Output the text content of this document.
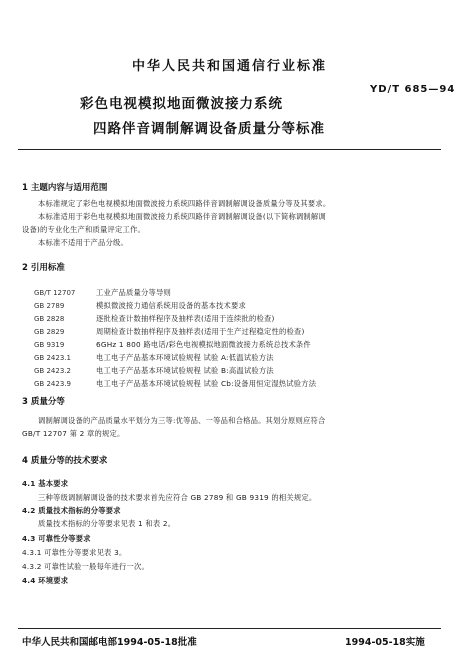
中华人民共和国通信行业标准
YD/T 685—94
彩色电视模拟地面微波接力系统
四路伴音调制解调设备质量分等标准
1 主题内容与适用范围
本标准规定了彩色电视模拟地面微波接力系统四路伴音调制解调设备质量分等及其要求。
本标准适用于彩色电视模拟地面微波接力系统四路伴音调制解调设备(以下简称调制解调
设备)的专业化生产和质量评定工作。
本标准不适用于产品分级。
2 引用标准
GB/T 12707	工业产品质量分等导则
GB 2789	模拟微波接力通信系统用设备的基本技术要求
GB 2828	逐批检查计数抽样程序及抽样表(适用于连续批的检查)
GB 2829	周期检查计数抽样程序及抽样表(适用于生产过程稳定性的检查)
GB 9319	6GHz 1 800 路电话/彩色电视模拟地面微波接力系统总技术条件
GB 2423.1	电工电子产品基本环境试验规程 试验 A:低温试验方法
GB 2423.2	电工电子产品基本环境试验规程 试验 B:高温试验方法
GB 2423.9	电工电子产品基本环境试验规程 试验 Cb:设备用恒定湿热试验方法
3 质量分等
调制解调设备的产品质量水平划分为三等:优等品、一等品和合格品。其划分原则应符合
GB/T 12707 第 2 章的规定。
4 质量分等的技术要求
4.1 基本要求
三种等级调制解调设备的技术要求首先应符合 GB 2789 和 GB 9319 的相关规定。
4.2 质量技术指标的分等要求
质量技术指标的分等要求见表 1 和表 2。
4.3 可靠性分等要求
4.3.1 可靠性分等要求见表 3。
4.3.2 可靠性试验一般每年进行一次。
4.4 环境要求
中华人民共和国邮电部1994-05-18批准	1994-05-18实施
